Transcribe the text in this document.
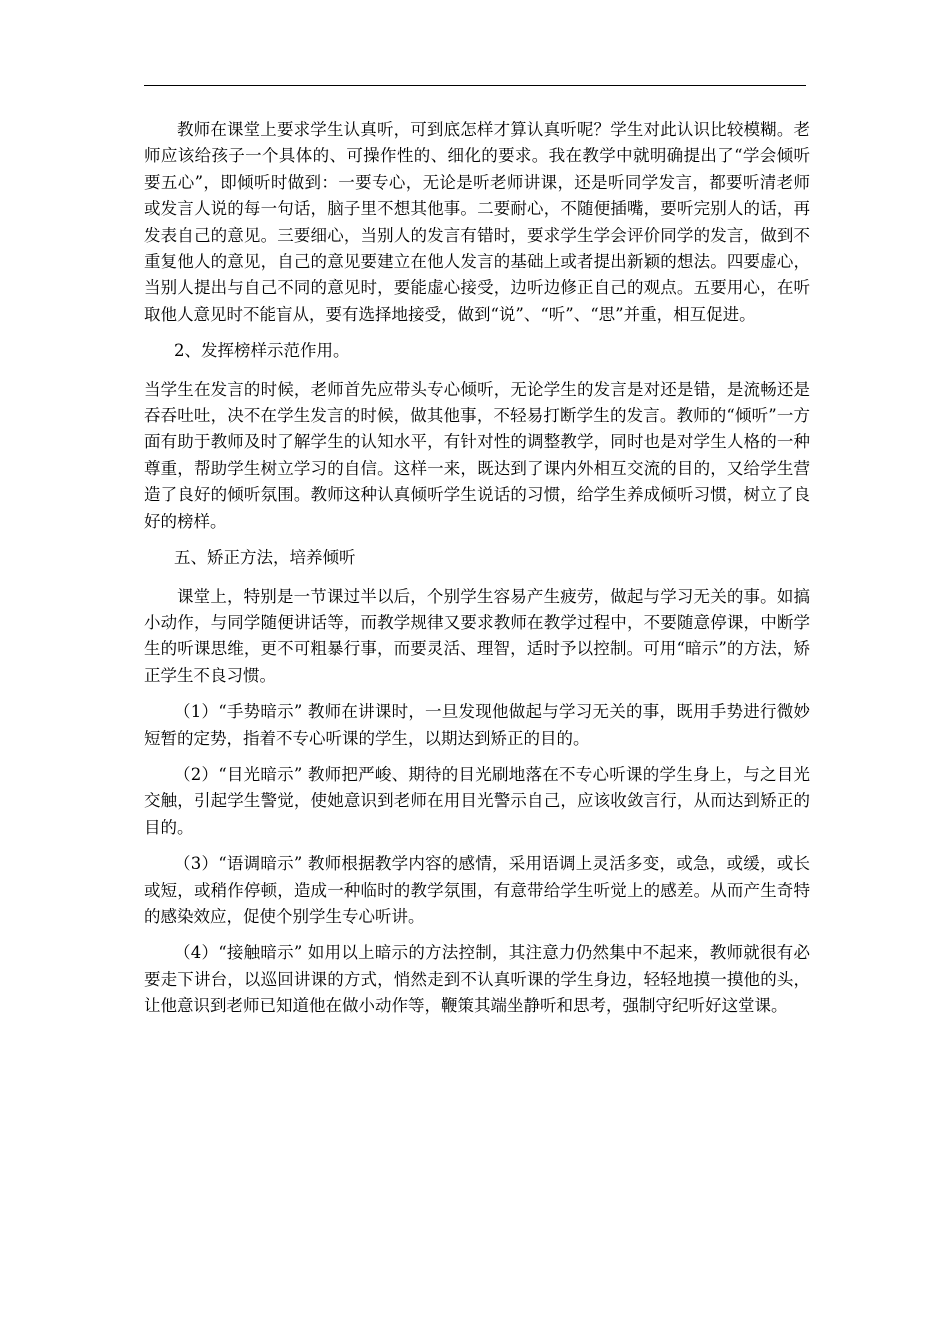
教师在课堂上要求学生认真听，可到底怎样才算认真听呢？学生对此认识比较模糊。老师应该给孩子一个具体的、可操作性的、细化的要求。我在教学中就明确提出了“学会倾听要五心”，即倾听时做到：一要专心，无论是听老师讲课，还是听同学发言，都要听清老师或发言人说的每一句话，脑子里不想其他事。二要耐心，不随便插嘴，要听完别人的话，再发表自己的意见。三要细心，当别人的发言有错时，要求学生学会评价同学的发言，做到不重复他人的意见，自己的意见要建立在他人发言的基础上或者提出新颖的想法。四要虚心，当别人提出与自己不同的意见时，要能虚心接受，边听边修正自己的观点。五要用心，在听取他人意见时不能盲从，要有选择地接受，做到“说”、“听”、“思”并重，相互促进。

2、发挥榜样示范作用。

当学生在发言的时候，老师首先应带头专心倾听，无论学生的发言是对还是错，是流畅还是吞吞吐吐，决不在学生发言的时候，做其他事，不轻易打断学生的发言。教师的“倾听”一方面有助于教师及时了解学生的认知水平，有针对性的调整教学，同时也是对学生人格的一种尊重，帮助学生树立学习的自信。这样一来，既达到了课内外相互交流的目的，又给学生营造了良好的倾听氛围。教师这种认真倾听学生说话的习惯，给学生养成倾听习惯，树立了良好的榜样。

五、矫正方法，培养倾听

课堂上，特别是一节课过半以后，个别学生容易产生疲劳，做起与学习无关的事。如搞小动作，与同学随便讲话等，而教学规律又要求教师在教学过程中，不要随意停课，中断学生的听课思维，更不可粗暴行事，而要灵活、理智，适时予以控制。可用“暗示”的方法，矫正学生不良习惯。

（1）“手势暗示” 教师在讲课时，一旦发现他做起与学习无关的事，既用手势进行微妙短暂的定势，指着不专心听课的学生，以期达到矫正的目的。

（2）“目光暗示” 教师把严峻、期待的目光刷地落在不专心听课的学生身上，与之目光交触，引起学生警觉，使她意识到老师在用目光警示自己，应该收敛言行，从而达到矫正的目的。

（3）“语调暗示” 教师根据教学内容的感情，采用语调上灵活多变，或急，或缓，或长或短，或稍作停顿，造成一种临时的教学氛围，有意带给学生听觉上的感差。从而产生奇特的感染效应，促使个别学生专心听讲。

（4）“接触暗示” 如用以上暗示的方法控制，其注意力仍然集中不起来，教师就很有必要走下讲台，以巡回讲课的方式，悄然走到不认真听课的学生身边，轻轻地摸一摸他的头，让他意识到老师已知道他在做小动作等，鞭策其端坐静听和思考，强制守纪听好这堂课。
